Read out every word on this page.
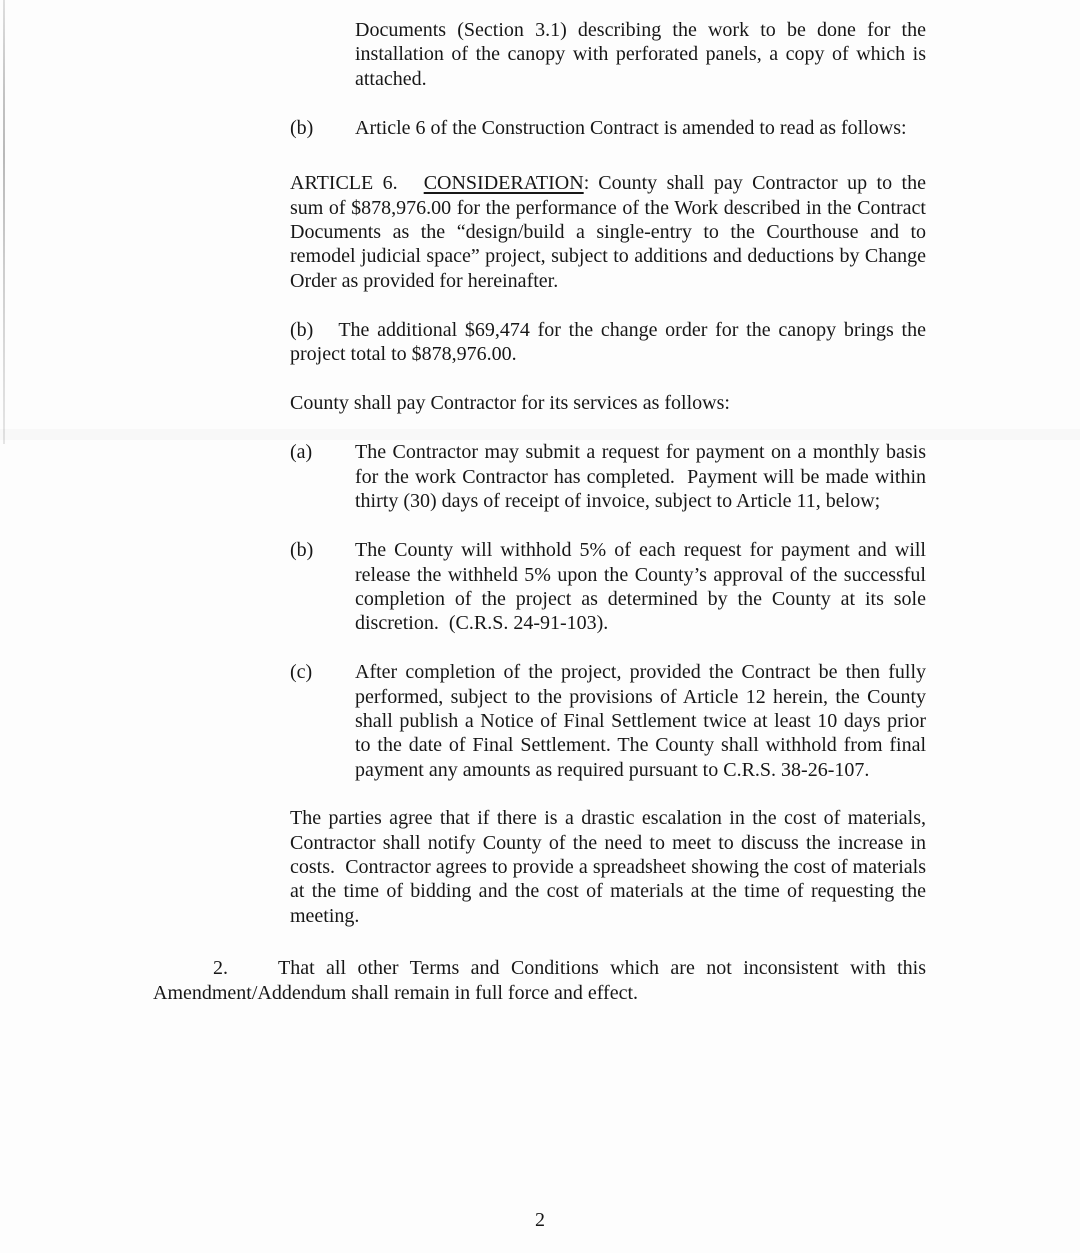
Documents (Section 3.1) describing the work to be done for the installation of the canopy with perforated panels, a copy of which is attached.

(b) Article 6 of the Construction Contract is amended to read as follows:

ARTICLE 6. CONSIDERATION: County shall pay Contractor up to the sum of $878,976.00 for the performance of the Work described in the Contract Documents as the “design/build a single-entry to the Courthouse and to remodel judicial space” project, subject to additions and deductions by Change Order as provided for hereinafter.

(b) The additional $69,474 for the change order for the canopy brings the project total to $878,976.00.

County shall pay Contractor for its services as follows:

(a) The Contractor may submit a request for payment on a monthly basis for the work Contractor has completed.  Payment will be made within thirty (30) days of receipt of invoice, subject to Article 11, below;

(b) The County will withhold 5% of each request for payment and will release the withheld 5% upon the County’s approval of the successful completion of the project as determined by the County at its sole discretion.  (C.R.S. 24-91-103).

(c) After completion of the project, provided the Contract be then fully performed, subject to the provisions of Article 12 herein, the County shall publish a Notice of Final Settlement twice at least 10 days prior to the date of Final Settlement. The County shall withhold from final payment any amounts as required pursuant to C.R.S. 38-26-107.

The parties agree that if there is a drastic escalation in the cost of materials, Contractor shall notify County of the need to meet to discuss the increase in costs.  Contractor agrees to provide a spreadsheet showing the cost of materials at the time of bidding and the cost of materials at the time of requesting the meeting.

2.	That all other Terms and Conditions which are not inconsistent with this Amendment/Addendum shall remain in full force and effect.

2
